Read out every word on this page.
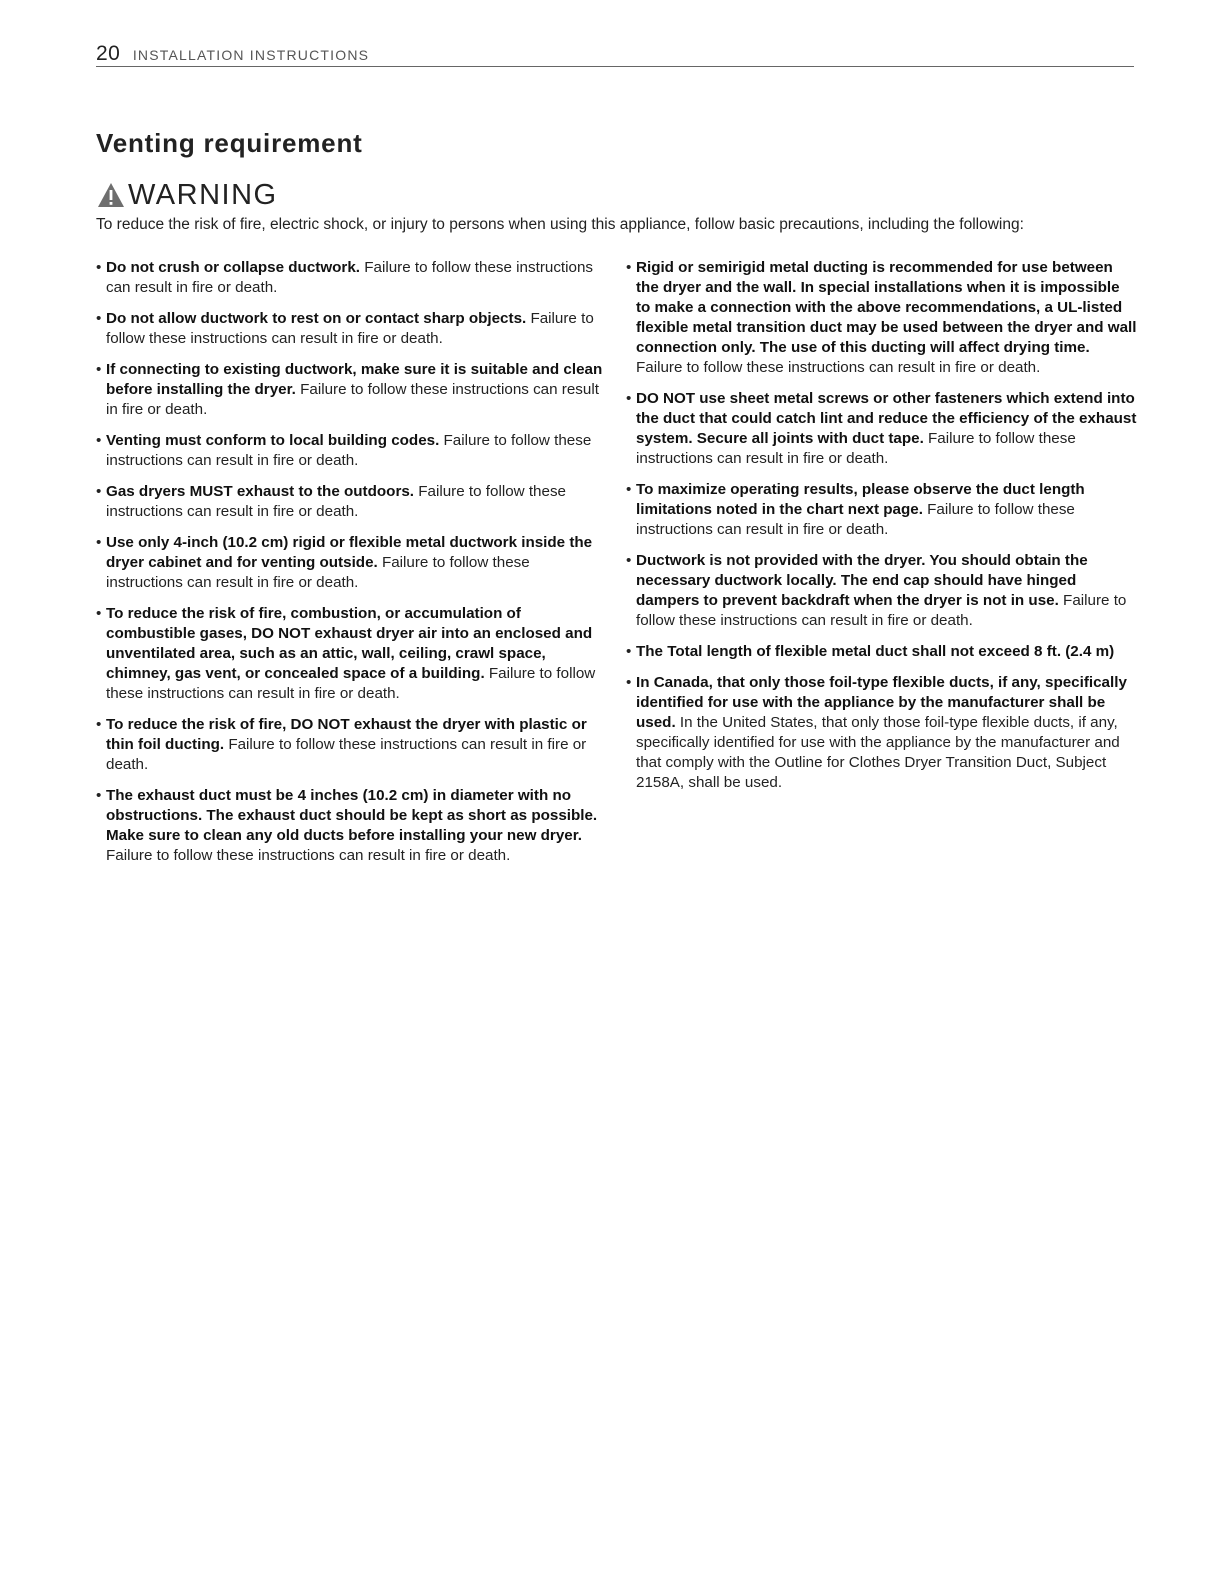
20 INSTALLATION INSTRUCTIONS
Venting requirement
WARNING

To reduce the risk of fire, electric shock, or injury to persons when using this appliance, follow basic precautions, including the following:

• Do not crush or collapse ductwork. Failure to follow these instructions can result in fire or death.
• Do not allow ductwork to rest on or contact sharp objects. Failure to follow these instructions can result in fire or death.
• If connecting to existing ductwork, make sure it is suitable and clean before installing the dryer. Failure to follow these instructions can result in fire or death.
• Venting must conform to local building codes. Failure to follow these instructions can result in fire or death.
• Gas dryers MUST exhaust to the outdoors. Failure to follow these instructions can result in fire or death.
• Use only 4-inch (10.2 cm) rigid or flexible metal ductwork inside the dryer cabinet and for venting outside. Failure to follow these instructions can result in fire or death.
• To reduce the risk of fire, combustion, or accumulation of combustible gases, DO NOT exhaust dryer air into an enclosed and unventilated area, such as an attic, wall, ceiling, crawl space, chimney, gas vent, or concealed space of a building. Failure to follow these instructions can result in fire or death.
• To reduce the risk of fire, DO NOT exhaust the dryer with plastic or thin foil ducting. Failure to follow these instructions can result in fire or death.
• The exhaust duct must be 4 inches (10.2 cm) in diameter with no obstructions. The exhaust duct should be kept as short as possible. Make sure to clean any old ducts before installing your new dryer. Failure to follow these instructions can result in fire or death.
• Rigid or semirigid metal ducting is recommended for use between the dryer and the wall. In special installations when it is impossible to make a connection with the above recommendations, a UL-listed flexible metal transition duct may be used between the dryer and wall connection only. The use of this ducting will affect drying time. Failure to follow these instructions can result in fire or death.
• DO NOT use sheet metal screws or other fasteners which extend into the duct that could catch lint and reduce the efficiency of the exhaust system. Secure all joints with duct tape. Failure to follow these instructions can result in fire or death.
• To maximize operating results, please observe the duct length limitations noted in the chart next page. Failure to follow these instructions can result in fire or death.
• Ductwork is not provided with the dryer. You should obtain the necessary ductwork locally. The end cap should have hinged dampers to prevent backdraft when the dryer is not in use. Failure to follow these instructions can result in fire or death.
• The Total length of flexible metal duct shall not exceed 8 ft. (2.4 m)
• In Canada, that only those foil-type flexible ducts, if any, specifically identified for use with the appliance by the manufacturer shall be used. In the United States, that only those foil-type flexible ducts, if any, specifically identified for use with the appliance by the manufacturer and that comply with the Outline for Clothes Dryer Transition Duct, Subject 2158A, shall be used.
